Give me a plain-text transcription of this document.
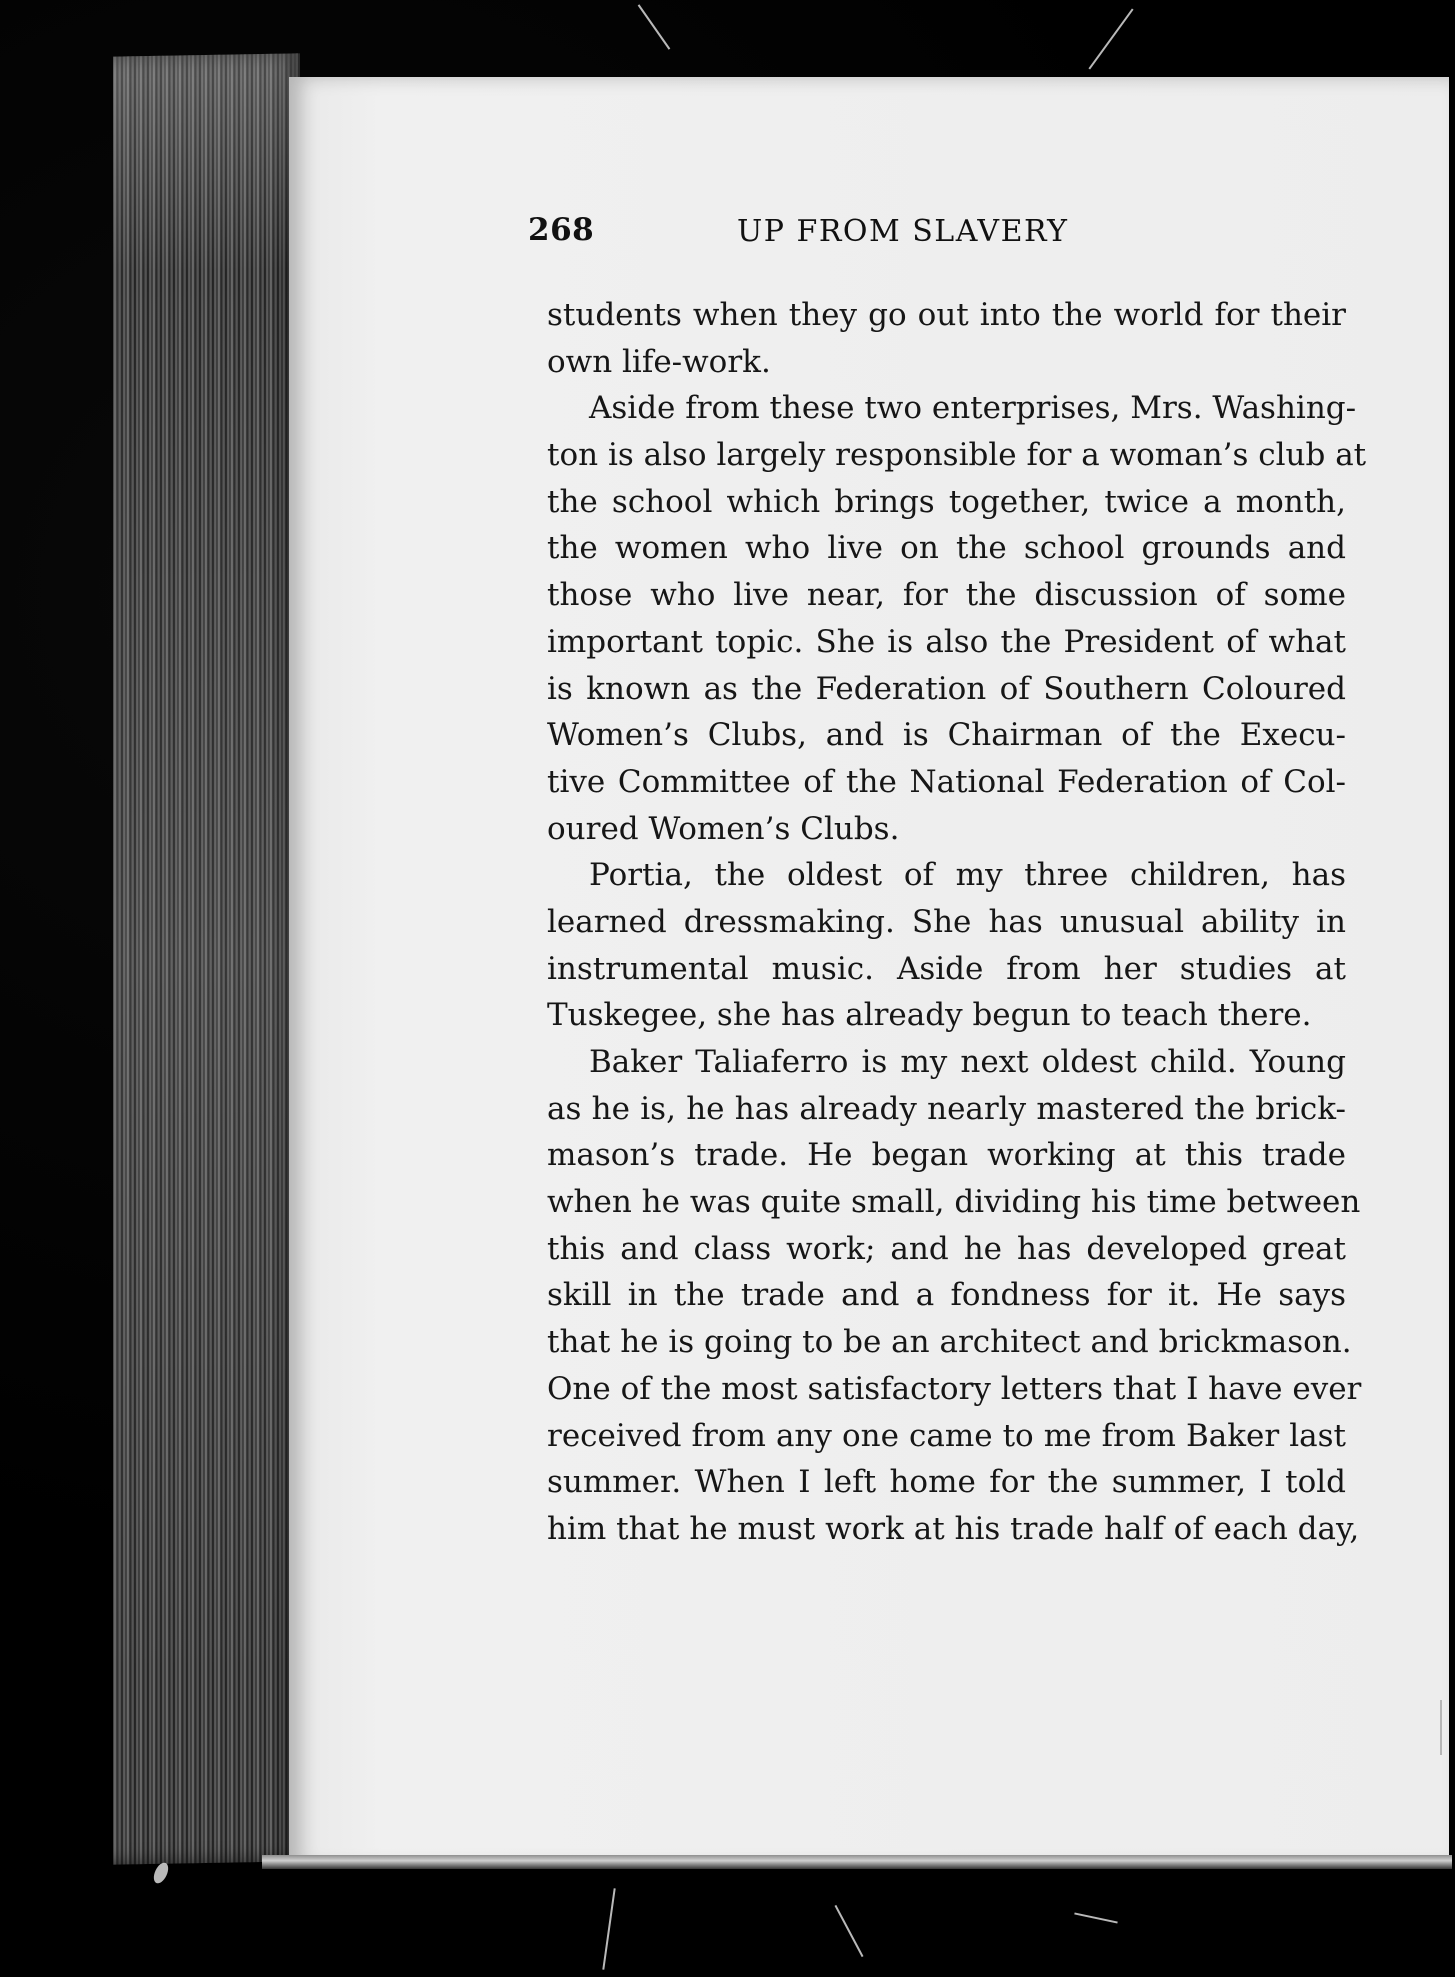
268	UP FROM SLAVERY
students when they go out into the world for their
own life-work.
Aside from these two enterprises, Mrs. Washing-
ton is also largely responsible for a woman’s club at
the school which brings together, twice a month,
the women who live on the school grounds and
those who live near, for the discussion of some
important topic. She is also the President of what
is known as the Federation of Southern Coloured
Women’s Clubs, and is Chairman of the Execu-
tive Committee of the National Federation of Col-
oured Women’s Clubs.
Portia, the oldest of my three children, has
learned dressmaking. She has unusual ability in
instrumental music. Aside from her studies at
Tuskegee, she has already begun to teach there.
Baker Taliaferro is my next oldest child. Young
as he is, he has already nearly mastered the brick-
mason’s trade. He began working at this trade
when he was quite small, dividing his time between
this and class work; and he has developed great
skill in the trade and a fondness for it. He says
that he is going to be an architect and brickmason.
One of the most satisfactory letters that I have ever
received from any one came to me from Baker last
summer. When I left home for the summer, I told
him that he must work at his trade half of each day,
